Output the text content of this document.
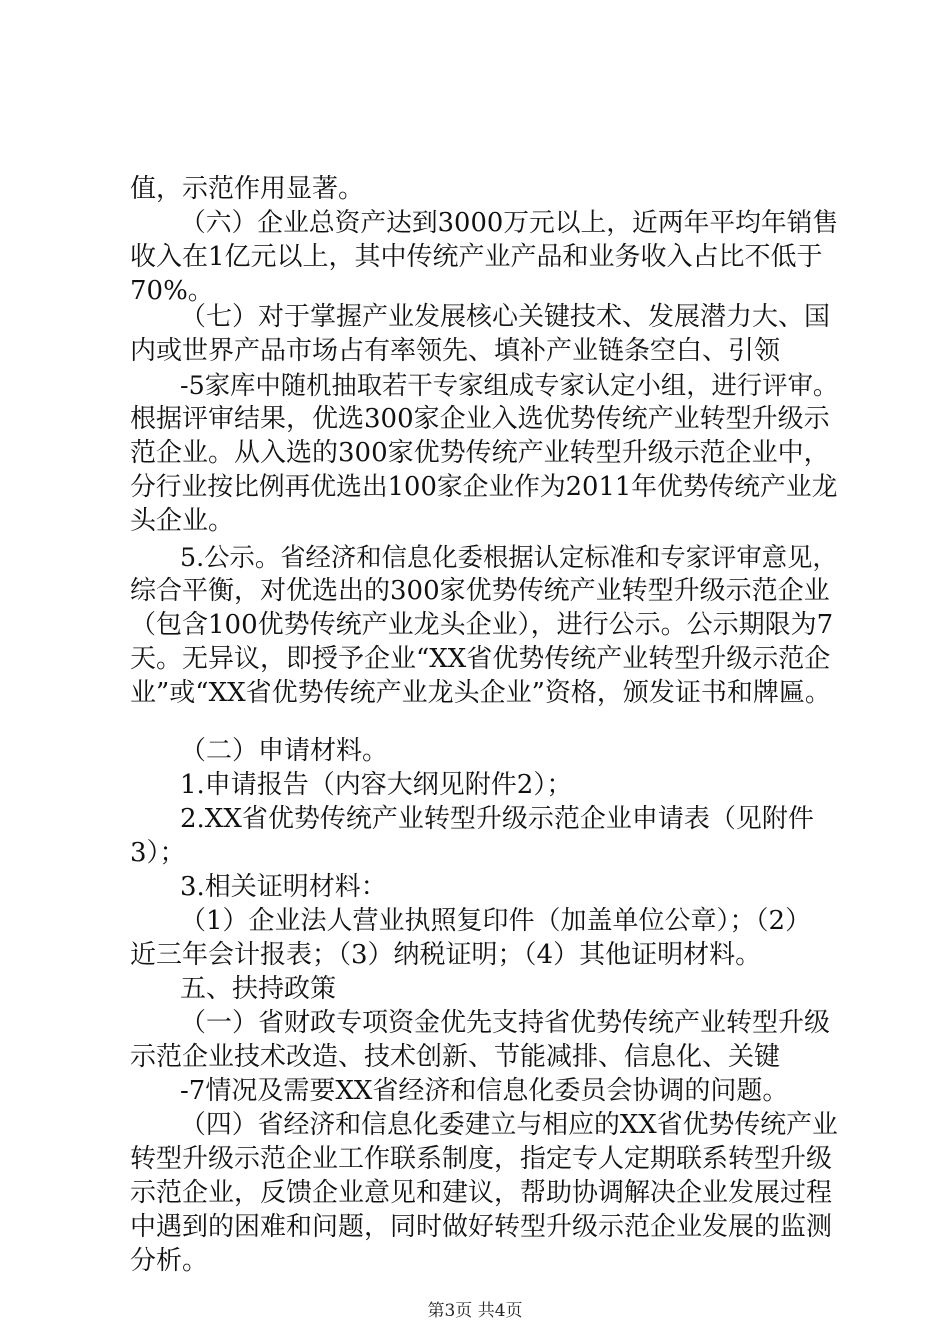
值，示范作用显著。
（六）企业总资产达到3000万元以上，近两年平均年销售
收入在1亿元以上，其中传统产业产品和业务收入占比不低于
70%。
（七）对于掌握产业发展核心关键技术、发展潜力大、国
内或世界产品市场占有率领先、填补产业链条空白、引领
-5家库中随机抽取若干专家组成专家认定小组，进行评审。
根据评审结果，优选300家企业入选优势传统产业转型升级示
范企业。从入选的300家优势传统产业转型升级示范企业中，
分行业按比例再优选出100家企业作为2011年优势传统产业龙
头企业。
5.公示。省经济和信息化委根据认定标准和专家评审意见，
综合平衡，对优选出的300家优势传统产业转型升级示范企业
（包含100优势传统产业龙头企业），进行公示。公示期限为7
天。无异议，即授予企业“XX省优势传统产业转型升级示范企
业”或“XX省优势传统产业龙头企业”资格，颁发证书和牌匾。
（二）申请材料。
1.申请报告（内容大纲见附件2）；
2.XX省优势传统产业转型升级示范企业申请表（见附件
3）；
3.相关证明材料：
（1）企业法人营业执照复印件（加盖单位公章）；（2）
近三年会计报表；（3）纳税证明；（4）其他证明材料。
五、扶持政策
（一）省财政专项资金优先支持省优势传统产业转型升级
示范企业技术改造、技术创新、节能减排、信息化、关键
-7情况及需要XX省经济和信息化委员会协调的问题。
（四）省经济和信息化委建立与相应的XX省优势传统产业
转型升级示范企业工作联系制度，指定专人定期联系转型升级
示范企业，反馈企业意见和建议，帮助协调解决企业发展过程
中遇到的困难和问题，同时做好转型升级示范企业发展的监测
分析。
第3页 共4页
